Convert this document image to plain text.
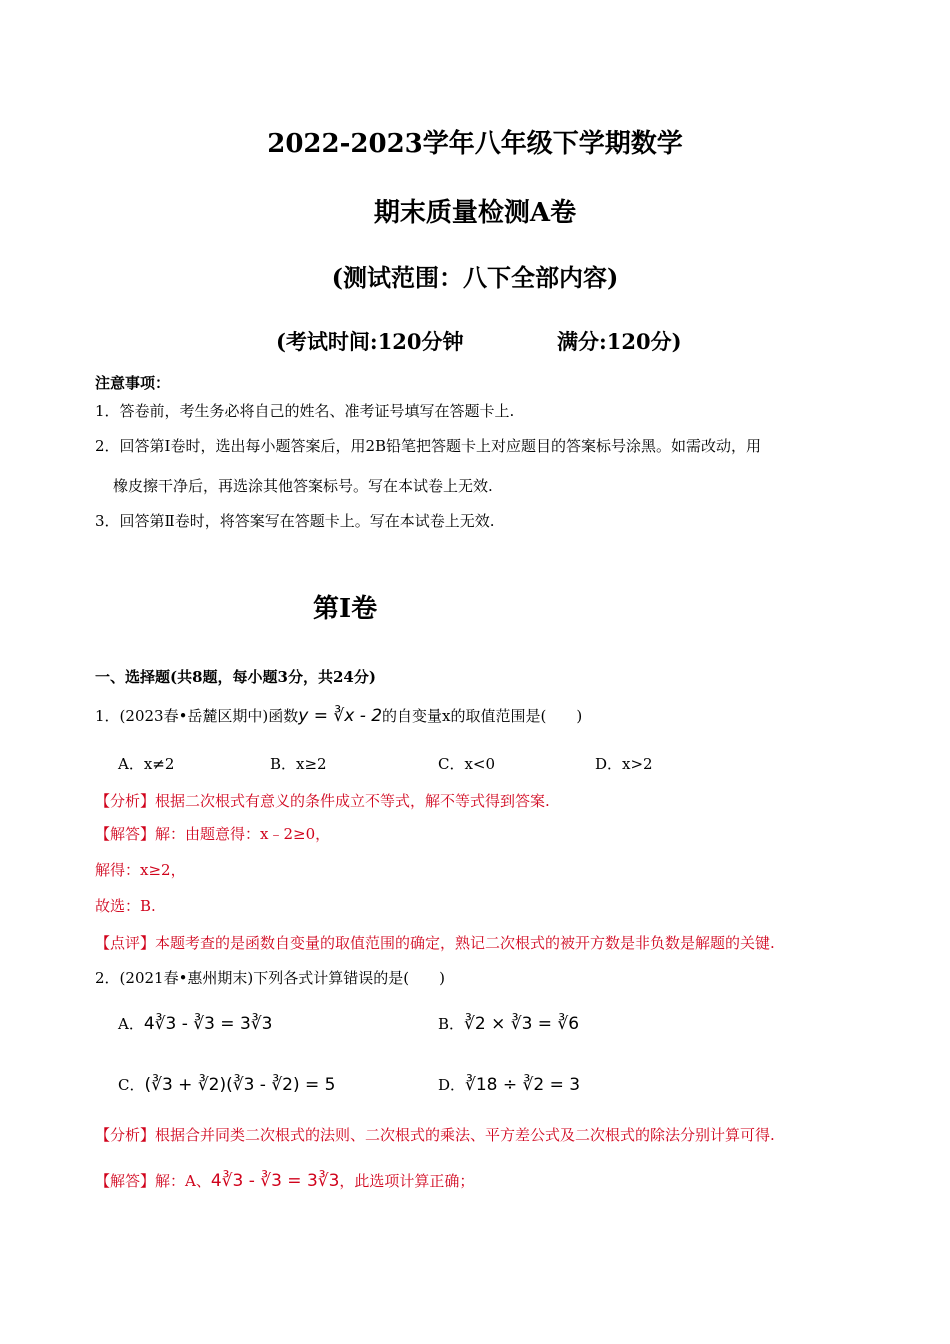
2022-2023学年八年级下学期数学
期末质量检测A卷
(测试范围：八下全部内容)
(考试时间:120分钟	满分:120分)
注意事项：
1．答卷前，考生务必将自己的姓名、准考证号填写在答题卡上.
2．回答第Ⅰ卷时，选出每小题答案后，用2B铅笔把答题卡上对应题目的答案标号涂黑。如需改动，用
橡皮擦干净后，再选涂其他答案标号。写在本试卷上无效.
3．回答第Ⅱ卷时，将答案写在答题卡上。写在本试卷上无效.
第Ⅰ卷
一、选择题(共8题，每小题3分，共24分)
1．(2023春•岳麓区期中)函数y = ∛x - 2的自变量x的取值范围是(　　)
A．x≠2	B．x≥2	C．x<0	D．x>2
【分析】根据二次根式有意义的条件成立不等式，解不等式得到答案.
【解答】解：由题意得：x﹣2≥0，
解得：x≥2，
故选：B.
【点评】本题考查的是函数自变量的取值范围的确定，熟记二次根式的被开方数是非负数是解题的关键.
2．(2021春•惠州期末)下列各式计算错误的是(　　)
A．4∛3 - ∛3 = 3∛3	B．∛2 × ∛3 = ∛6
C．(∛3 + ∛2)(∛3 - ∛2) = 5	D．∛18 ÷ ∛2 = 3
【分析】根据合并同类二次根式的法则、二次根式的乘法、平方差公式及二次根式的除法分别计算可得.
【解答】解：A、4∛3 - ∛3 = 3∛3，此选项计算正确；
